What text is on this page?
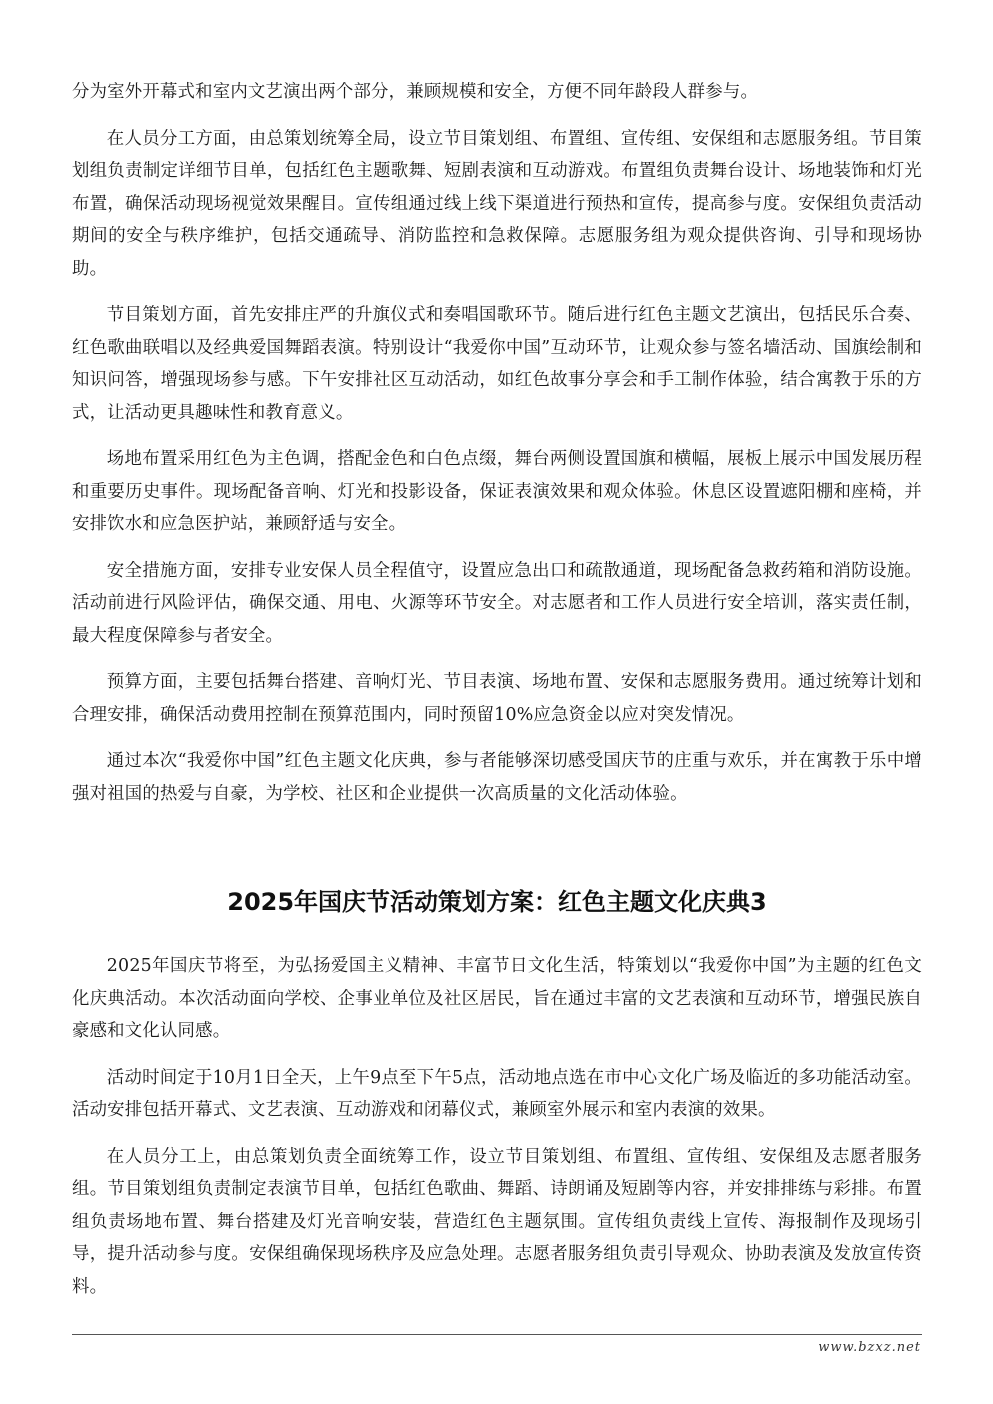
分为室外开幕式和室内文艺演出两个部分，兼顾规模和安全，方便不同年龄段人群参与。

在人员分工方面，由总策划统筹全局，设立节目策划组、布置组、宣传组、安保组和志愿服务组。节目策划组负责制定详细节目单，包括红色主题歌舞、短剧表演和互动游戏。布置组负责舞台设计、场地装饰和灯光布置，确保活动现场视觉效果醒目。宣传组通过线上线下渠道进行预热和宣传，提高参与度。安保组负责活动期间的安全与秩序维护，包括交通疏导、消防监控和急救保障。志愿服务组为观众提供咨询、引导和现场协助。

节目策划方面，首先安排庄严的升旗仪式和奏唱国歌环节。随后进行红色主题文艺演出，包括民乐合奏、红色歌曲联唱以及经典爱国舞蹈表演。特别设计“我爱你中国”互动环节，让观众参与签名墙活动、国旗绘制和知识问答，增强现场参与感。下午安排社区互动活动，如红色故事分享会和手工制作体验，结合寓教于乐的方式，让活动更具趣味性和教育意义。

场地布置采用红色为主色调，搭配金色和白色点缀，舞台两侧设置国旗和横幅，展板上展示中国发展历程和重要历史事件。现场配备音响、灯光和投影设备，保证表演效果和观众体验。休息区设置遮阳棚和座椅，并安排饮水和应急医护站，兼顾舒适与安全。

安全措施方面，安排专业安保人员全程值守，设置应急出口和疏散通道，现场配备急救药箱和消防设施。活动前进行风险评估，确保交通、用电、火源等环节安全。对志愿者和工作人员进行安全培训，落实责任制，最大程度保障参与者安全。

预算方面，主要包括舞台搭建、音响灯光、节目表演、场地布置、安保和志愿服务费用。通过统筹计划和合理安排，确保活动费用控制在预算范围内，同时预留10%应急资金以应对突发情况。

通过本次“我爱你中国”红色主题文化庆典，参与者能够深切感受国庆节的庄重与欢乐，并在寓教于乐中增强对祖国的热爱与自豪，为学校、社区和企业提供一次高质量的文化活动体验。

2025年国庆节活动策划方案：红色主题文化庆典3

2025年国庆节将至，为弘扬爱国主义精神、丰富节日文化生活，特策划以“我爱你中国”为主题的红色文化庆典活动。本次活动面向学校、企事业单位及社区居民，旨在通过丰富的文艺表演和互动环节，增强民族自豪感和文化认同感。

活动时间定于10月1日全天，上午9点至下午5点，活动地点选在市中心文化广场及临近的多功能活动室。活动安排包括开幕式、文艺表演、互动游戏和闭幕仪式，兼顾室外展示和室内表演的效果。

在人员分工上，由总策划负责全面统筹工作，设立节目策划组、布置组、宣传组、安保组及志愿者服务组。节目策划组负责制定表演节目单，包括红色歌曲、舞蹈、诗朗诵及短剧等内容，并安排排练与彩排。布置组负责场地布置、舞台搭建及灯光音响安装，营造红色主题氛围。宣传组负责线上宣传、海报制作及现场引导，提升活动参与度。安保组确保现场秩序及应急处理。志愿者服务组负责引导观众、协助表演及发放宣传资料。

www.bzxz.net
